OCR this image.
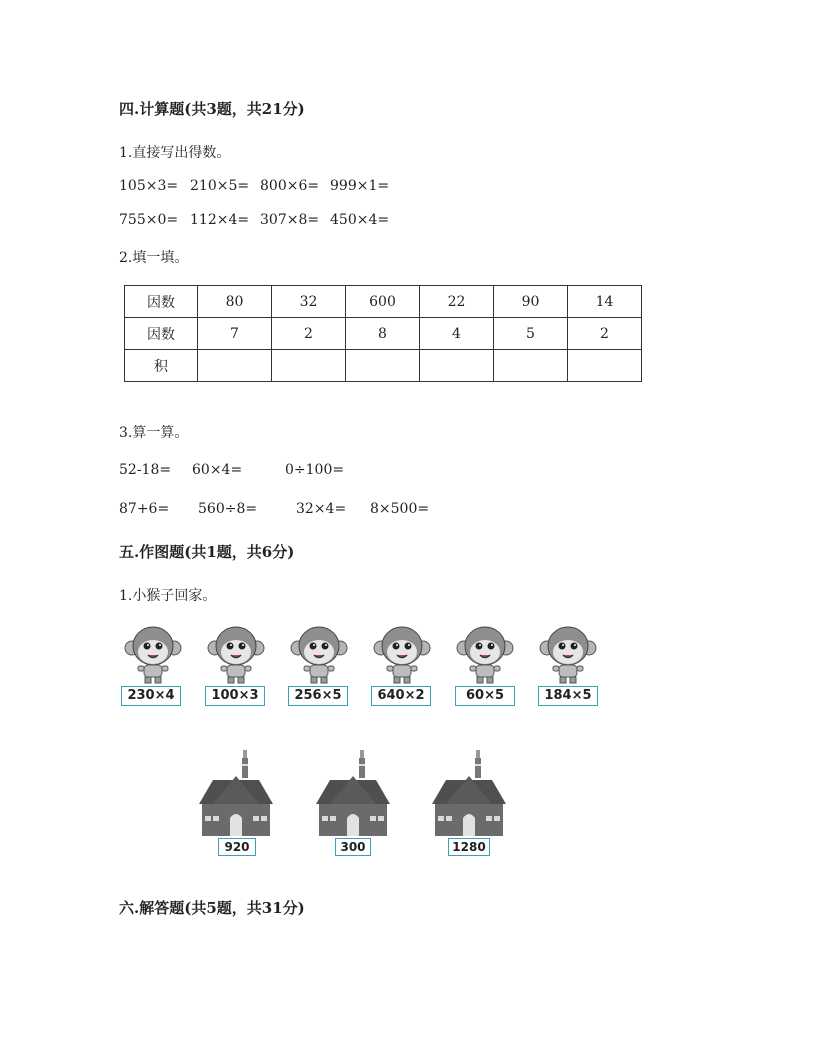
四.计算题(共3题，共21分)
1.直接写出得数。
105×3= 210×5= 800×6= 999×1=
755×0= 112×4= 307×8= 450×4=
2.填一填。
因数	80	32	600	22	90	14
因数	7	2	8	4	5	2
积						
3.算一算。
52-18= 60×4=	0÷100=
87+6= 560÷8=	32×4= 8×500=
五.作图题(共1题，共6分)
1.小猴子回家。
230×4	100×3	256×5	640×2	60×5	184×5
920	300	1280
六.解答题(共5题，共31分)
